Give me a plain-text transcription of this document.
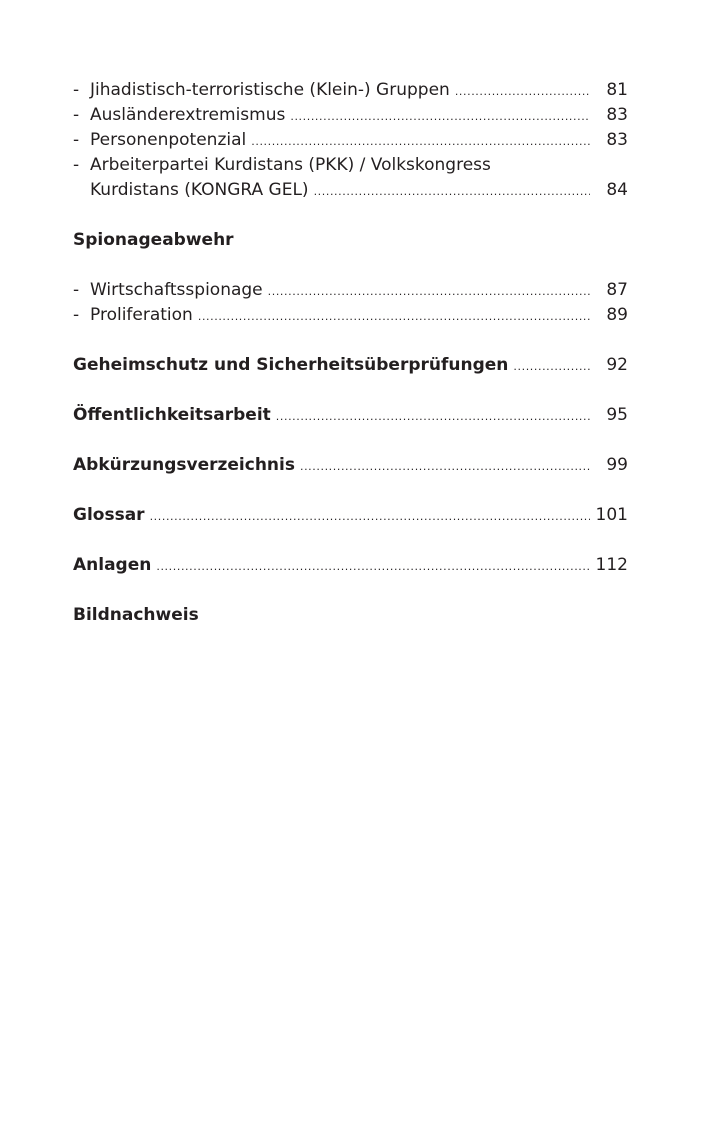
- Jihadistisch-terroristische (Klein-) Gruppen .....	81
- Ausländerextremismus .....	83
- Personenpotenzial .....	83
- Arbeiterpartei Kurdistans (PKK) / Volkskongress
Kurdistans (KONGRA GEL) .....	84
Spionageabwehr
- Wirtschaftsspionage .....	87
- Proliferation .....	89
Geheimschutz und Sicherheitsüberprüfungen .....	92
Öffentlichkeitsarbeit .....	95
Abkürzungsverzeichnis .....	99
Glossar .....	101
Anlagen .....	112
Bildnachweis
